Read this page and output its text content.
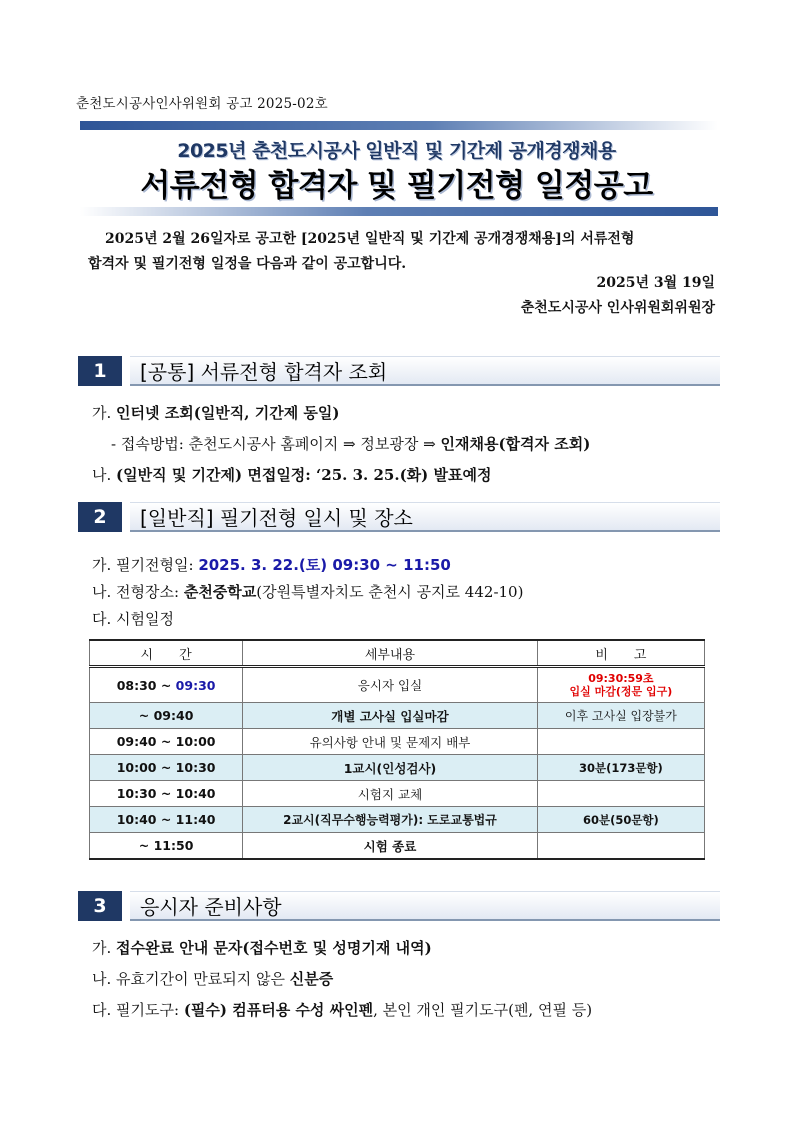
춘천도시공사인사위원회 공고 2025-02호
2025년 춘천도시공사 일반직 및 기간제 공개경쟁채용
서류전형 합격자 및 필기전형 일정공고
2025년 2월 26일자로 공고한 [2025년 일반직 및 기간제 공개경쟁채용]의 서류전형
합격자 및 필기전형 일정을 다음과 같이 공고합니다.
2025년 3월 19일
춘천도시공사 인사위원회위원장
1	[공통] 서류전형 합격자 조회
가. 인터넷 조회(일반직, 기간제 동일)
- 접속방법: 춘천도시공사 홈페이지 ⇒ 정보광장 ⇒ 인재채용(합격자 조회)
나. (일반직 및 기간제) 면접일정: ‘25. 3. 25.(화) 발표예정
2	[일반직] 필기전형 일시 및 장소
가. 필기전형일: 2025. 3. 22.(토) 09:30 ~ 11:50
나. 전형장소: 춘천중학교(강원특별자치도 춘천시 공지로 442-10)
다. 시험일정
시　　간	세부내용	비　　고
08:30 ~ 09:30	응시자 입실	09:30:59초
입실 마감(정문 입구)

~ 09:40	개별 고사실 입실마감	이후 고사실 입장불가
09:40 ~ 10:00	유의사항 안내 및 문제지 배부	
10:00 ~ 10:30	1교시(인성검사)	30분(173문항)
10:30 ~ 10:40	시험지 교체	
10:40 ~ 11:40	2교시(직무수행능력평가): 도로교통법규	60분(50문항)
~ 11:50	시험 종료	
3	응시자 준비사항
가. 접수완료 안내 문자(접수번호 및 성명기재 내역)
나. 유효기간이 만료되지 않은 신분증
다. 필기도구: (필수) 컴퓨터용 수성 싸인펜, 본인 개인 필기도구(펜, 연필 등)
